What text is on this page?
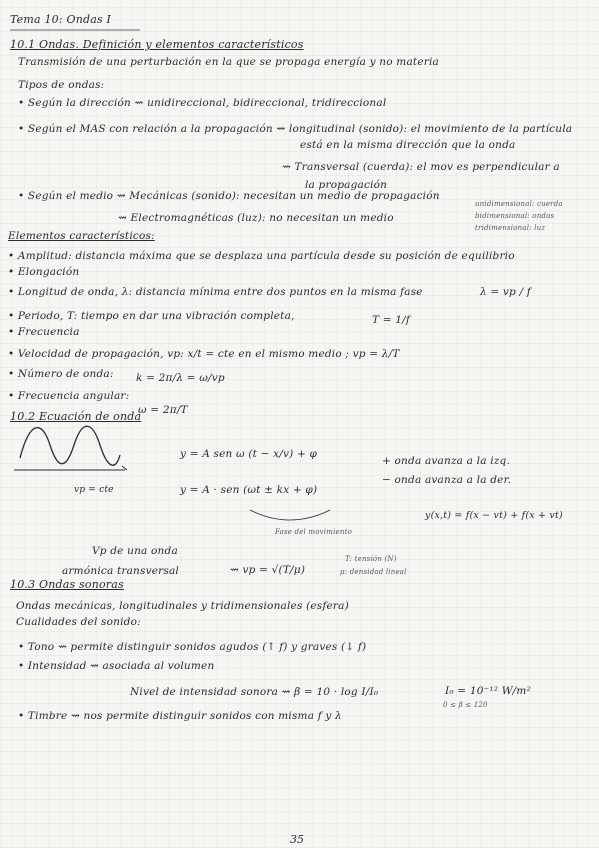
Tema 10: Ondas I
10.1 Ondas. Definición y elementos característicos
Transmisión de una perturbación en la que se propaga energía y no materia
Tipos de ondas:
• Según la dirección ⇝ unidireccional, bidireccional, tridireccional
• Según el MAS con relación a la propagación ⇝ longitudinal (sonido): el movimiento de la partícula
está en la misma dirección que la onda
⇝ Transversal (cuerda): el mov es perpendicular a
la propagación
• Según el medio ⇝ Mecánicas (sonido): necesitan un medio de propagación
⇝ Electromagnéticas (luz): no necesitan un medio
unidimensional: cuerda
bidimensional: ondas
tridimensional: luz
Elementos característicos:
• Amplitud: distancia máxima que se desplaza una partícula desde su posición de equilibrio
• Elongación
• Longitud de onda, λ: distancia mínima entre dos puntos en la misma fase	λ = vp / f
• Periodo, T: tiempo en dar una vibración completa,	T = 1/f
• Frecuencia
• Velocidad de propagación, vp: x/t = cte en el mismo medio ; vp = λ/T
• Número de onda: k = 2π/λ = ω/vp
• Frecuencia angular:
ω = 2π/T
10.2 Ecuación de onda
vp = cte
y = A sen ω (t − x/v) + φ
y = A · sen (ωt ± kx + φ)
+ onda avanza a la izq.
− onda avanza a la der.
y(x,t) = f(x − vt) + f(x + vt)
Fase del movimiento
Vp de una onda
armónica transversal	⇝ vp = √(T/μ)
T: tensión (N)
μ: densidad lineal
10.3 Ondas sonoras
Ondas mecánicas, longitudinales y tridimensionales (esfera)
Cualidades del sonido:
• Tono ⇝ permite distinguir sonidos agudos (↑ f) y graves (↓ f)
• Intensidad ⇝ asociada al volumen
Nivel de intensidad sonora ⇝ β = 10 · log I/I₀	I₀ = 10⁻¹² W/m²
0 ≤ β ≤ 120
• Timbre ⇝ nos permite distinguir sonidos con misma f y λ
35
